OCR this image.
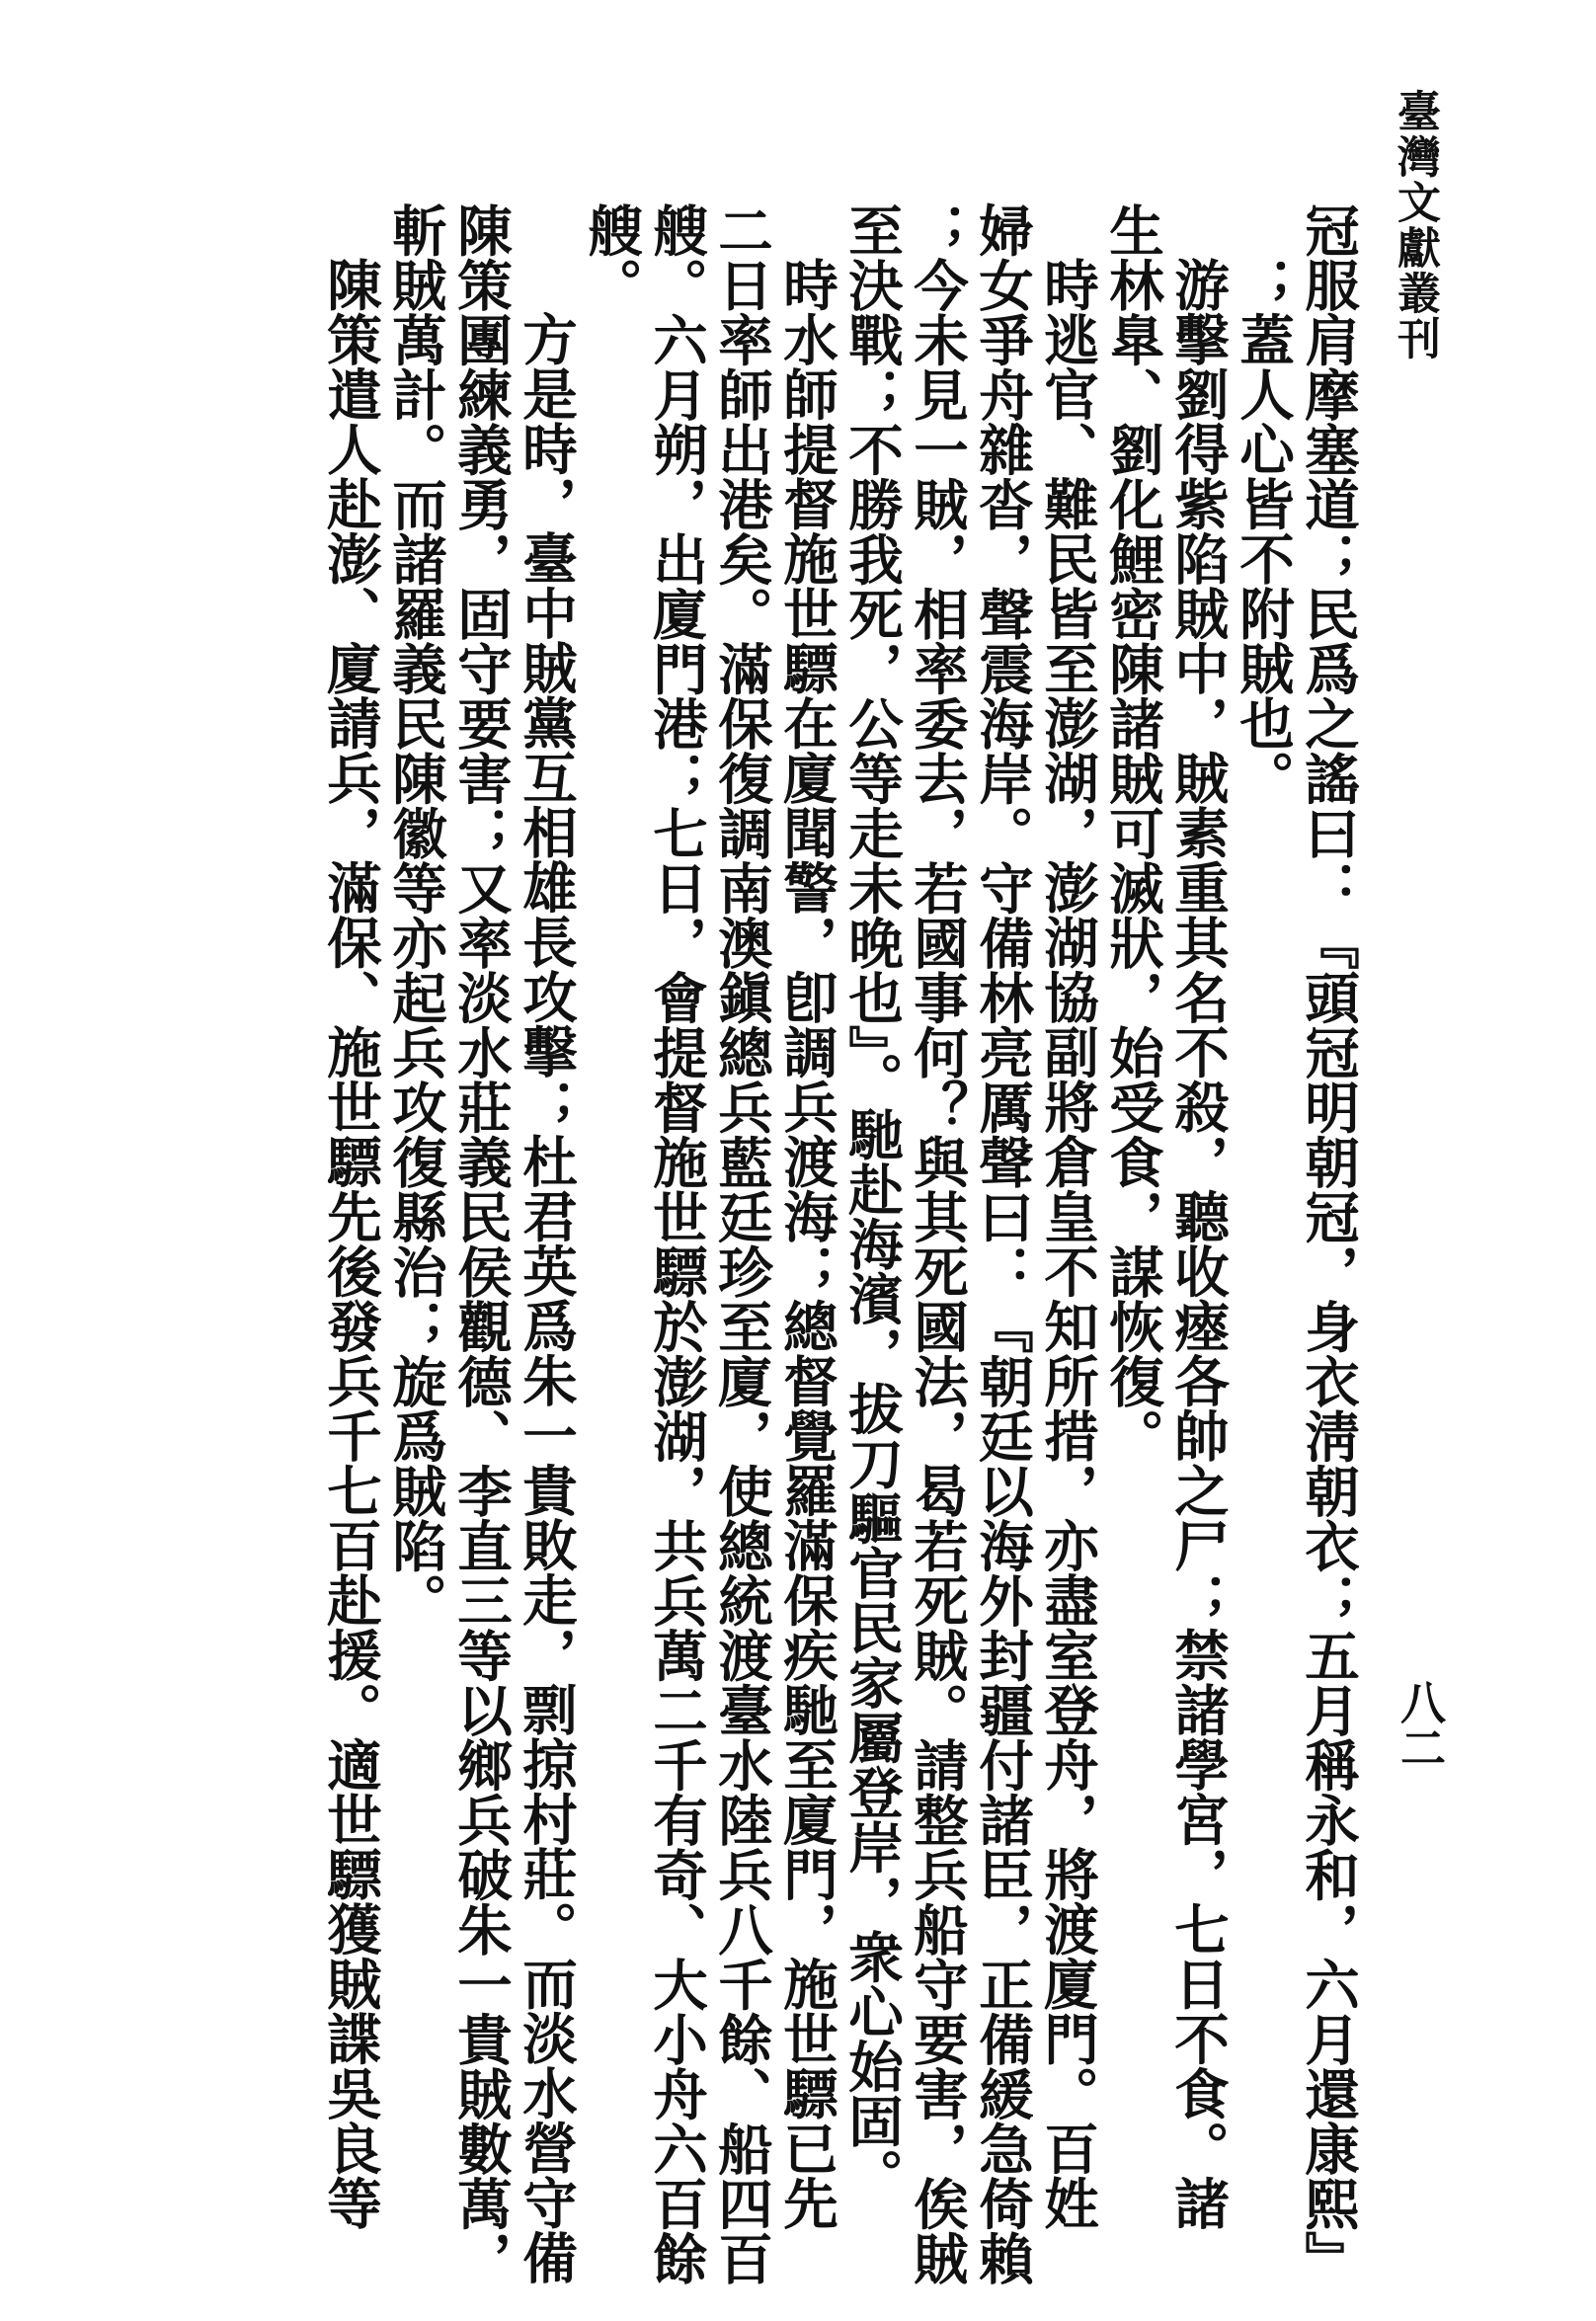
臺灣文獻叢刊
八二

冠服肩摩塞道；民爲之謠曰：『頭冠明朝冠，身衣淸朝衣；五月稱永和，六月還康熙』

；蓋人心皆不附賊也。

游擊劉得紫陷賊中，賊素重其名不殺，聽收瘞各帥之尸；禁諸學宮，七日不食。諸

生林臯、劉化鯉密陳諸賊可滅狀，始受食，謀恢復。

時逃官、難民皆至澎湖，澎湖協副將倉皇不知所措，亦盡室登舟，將渡廈門。百姓

婦女爭舟雜沓，聲震海岸。守備林亮厲聲曰：『朝廷以海外封疆付諸臣，正備緩急倚賴

；今未見一賊，相率委去，若國事何？與其死國法，曷若死賊。請整兵船守要害，俟賊

至決戰；不勝我死，公等走未晚也』。馳赴海濱，拔刀驅官民家屬登岸，衆心始固。

時水師提督施世驃在廈聞警，卽調兵渡海；總督覺羅滿保疾馳至廈門，施世驃已先

二日率師出港矣。滿保復調南澳鎭總兵藍廷珍至廈，使總統渡臺水陸兵八千餘、船四百

艘。六月朔，出廈門港；七日，會提督施世驃於澎湖，共兵萬二千有奇、大小舟六百餘

艘。

方是時，臺中賊黨互相雄長攻擊；杜君英爲朱一貴敗走，剽掠村莊。而淡水營守備

陳策團練義勇，固守要害；又率淡水莊義民侯觀德、李直三等以鄉兵破朱一貴賊數萬，

斬賊萬計。而諸羅義民陳徽等亦起兵攻復縣治；旋爲賊陷。

陳策遣人赴澎、廈請兵，滿保、施世驃先後發兵千七百赴援。適世驃獲賊諜吳良等
